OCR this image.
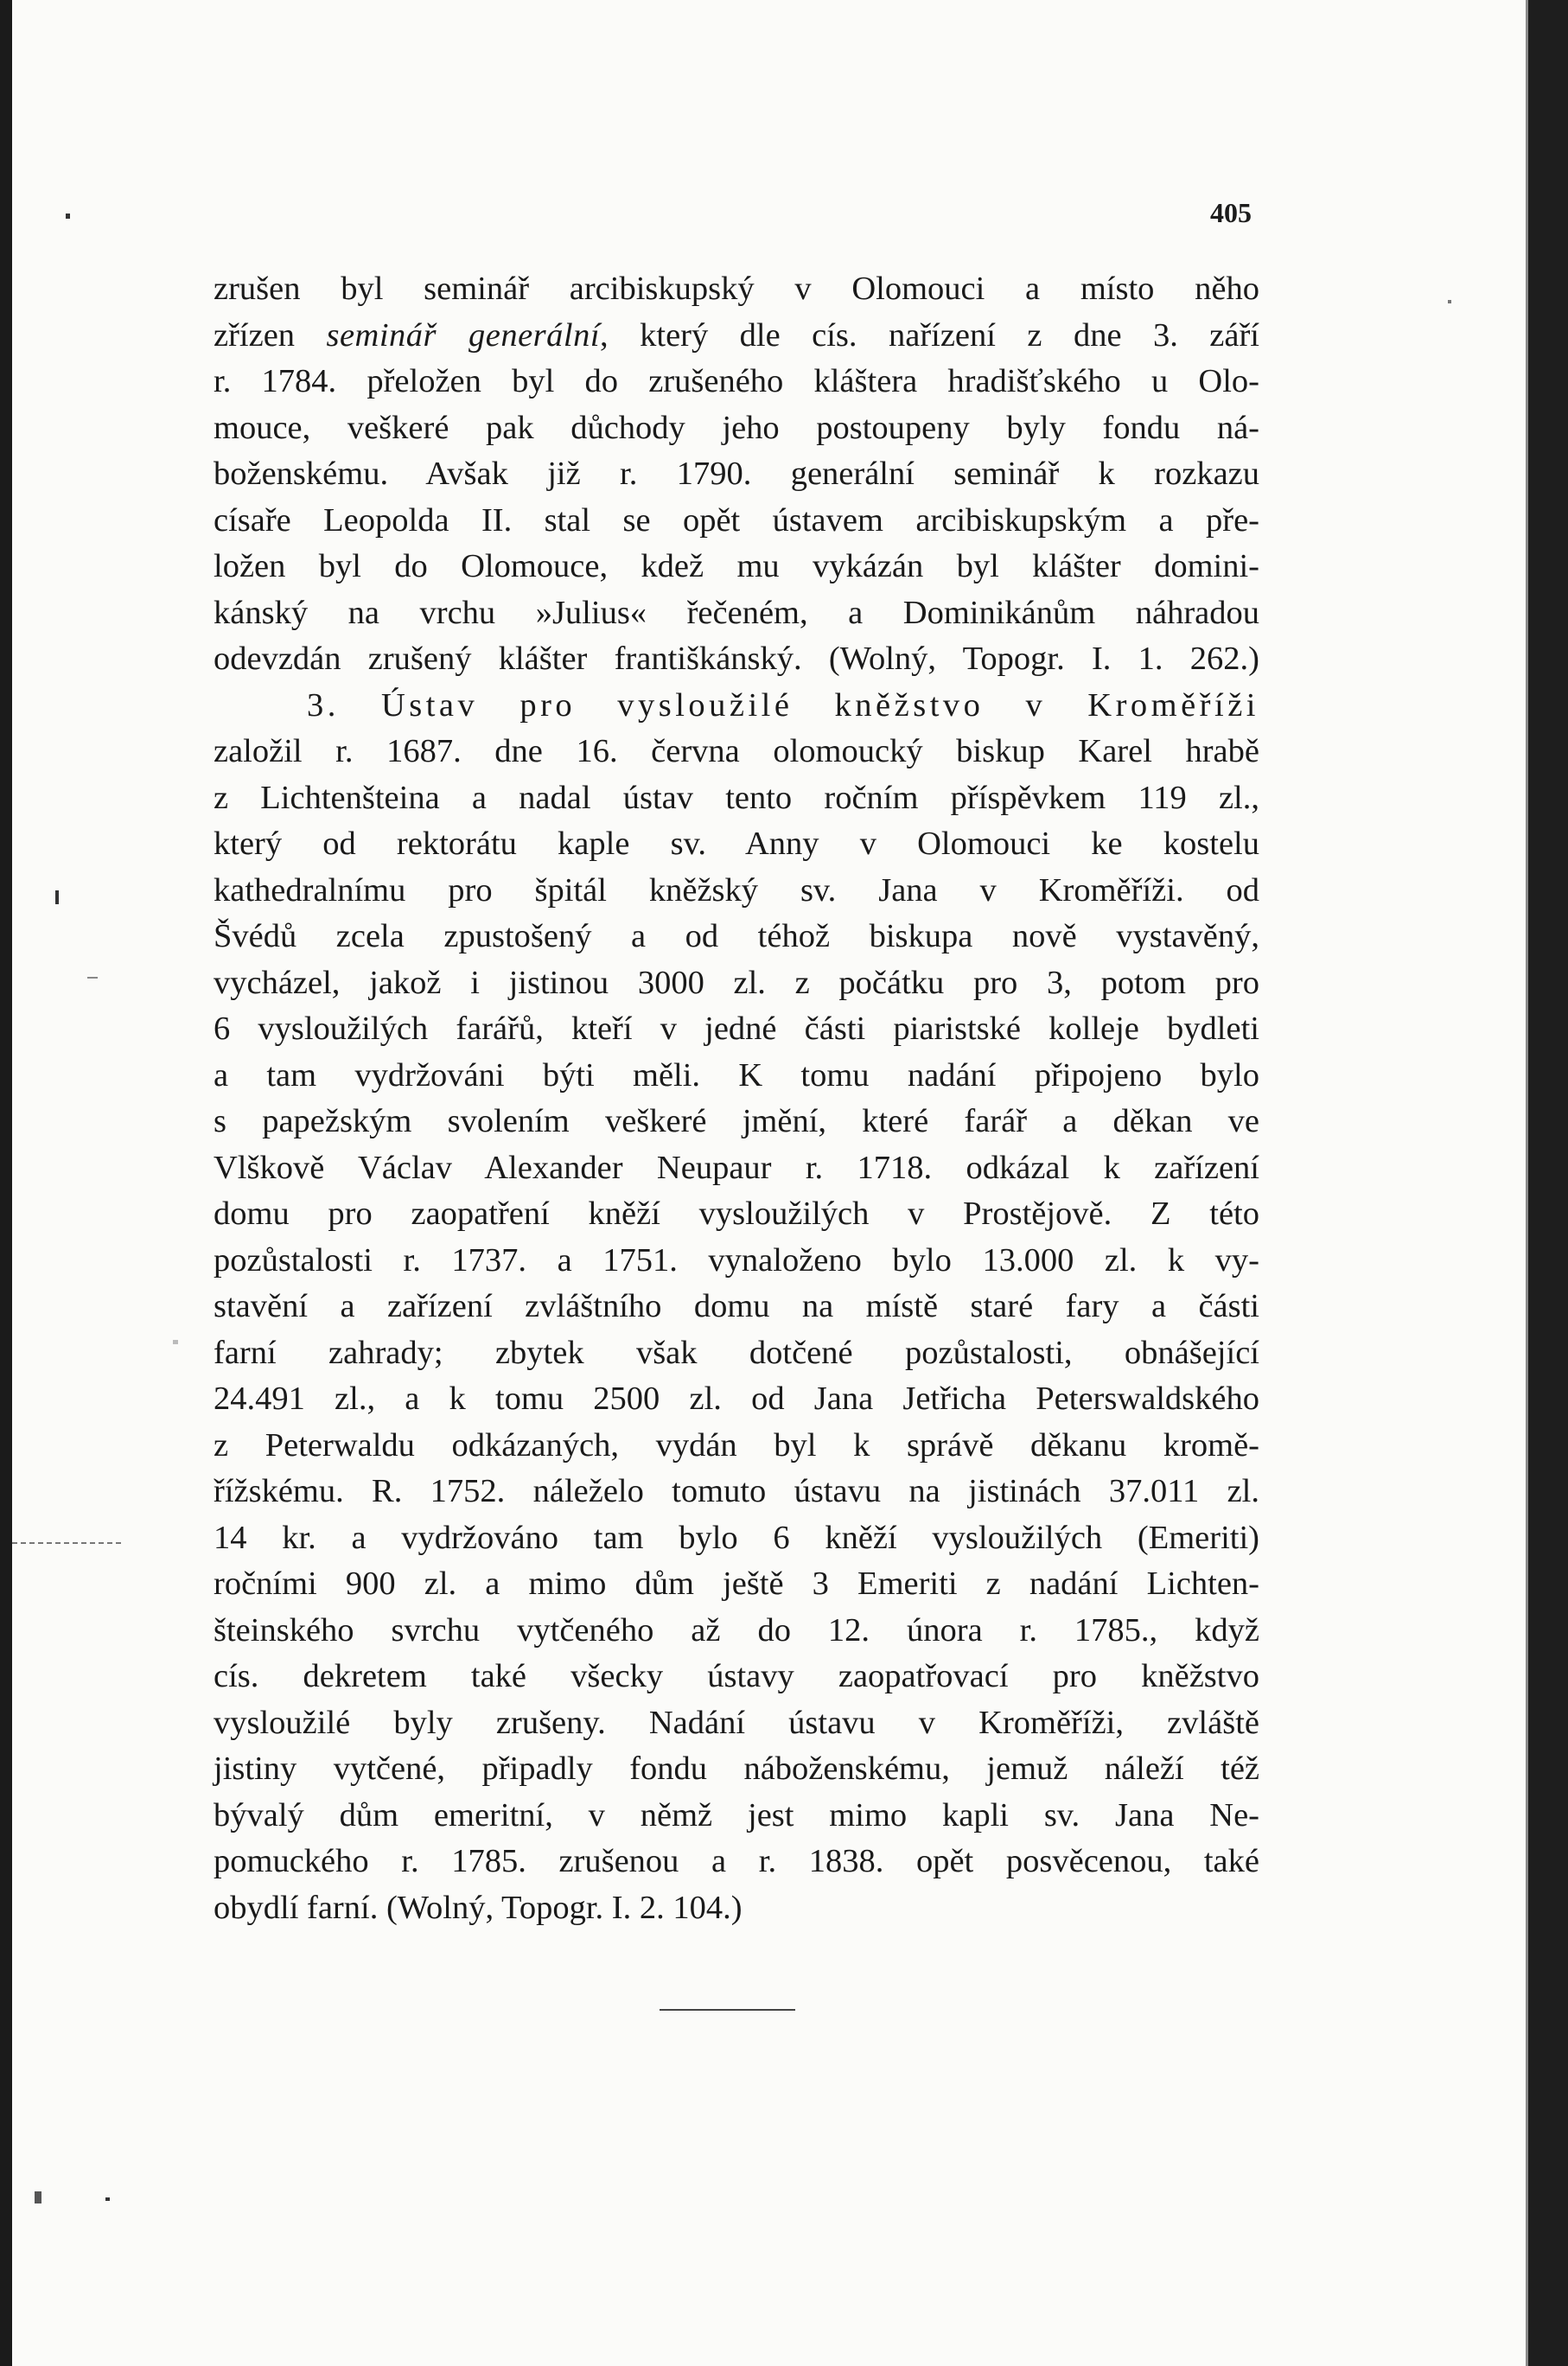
405
zrušen byl seminář arcibiskupský v Olomouci a místo něho
zřízen seminář generální, který dle cís. nařízení z dne 3. září
r. 1784. přeložen byl do zrušeného kláštera hradišťského u Olo-
mouce, veškeré pak důchody jeho postoupeny byly fondu ná-
boženskému. Avšak již r. 1790. generální seminář k rozkazu
císaře Leopolda II. stal se opět ústavem arcibiskupským a pře-
ložen byl do Olomouce, kdež mu vykázán byl klášter domini-
kánský na vrchu »Julius« řečeném, a Dominikánům náhradou
odevzdán zrušený klášter františkánský. (Wolný, Topogr. I. 1. 262.)
3. Ústav pro vysloužilé kněžstvo v Kroměříži
založil r. 1687. dne 16. června olomoucký biskup Karel hrabě
z Lichtenšteina a nadal ústav tento ročním příspěvkem 119 zl.,
který od rektorátu kaple sv. Anny v Olomouci ke kostelu
kathedralnímu pro špitál kněžský sv. Jana v Kroměříži. od
Švédů zcela zpustošený a od téhož biskupa nově vystavěný,
vycházel, jakož i jistinou 3000 zl. z počátku pro 3, potom pro
6 vysloužilých farářů, kteří v jedné části piaristské kolleje bydleti
a tam vydržováni býti měli. K tomu nadání připojeno bylo
s papežským svolením veškeré jmění, které farář a děkan ve
Vlškově Václav Alexander Neupaur r. 1718. odkázal k zařízení
domu pro zaopatření kněží vysloužilých v Prostějově. Z této
pozůstalosti r. 1737. a 1751. vynaloženo bylo 13.000 zl. k vy-
stavění a zařízení zvláštního domu na místě staré fary a části
farní zahrady; zbytek však dotčené pozůstalosti, obnášející
24.491 zl., a k tomu 2500 zl. od Jana Jetřicha Peterswaldského
z Peterwaldu odkázaných, vydán byl k správě děkanu kromě-
řížskému. R. 1752. náleželo tomuto ústavu na jistinách 37.011 zl.
14 kr. a vydržováno tam bylo 6 kněží vysloužilých (Emeriti)
ročními 900 zl. a mimo dům ještě 3 Emeriti z nadání Lichten-
šteinského svrchu vytčeného až do 12. února r. 1785., když
cís. dekretem také všecky ústavy zaopatřovací pro kněžstvo
vysloužilé byly zrušeny. Nadání ústavu v Kroměříži, zvláště
jistiny vytčené, připadly fondu náboženskému, jemuž náleží též
bývalý dům emeritní, v němž jest mimo kapli sv. Jana Ne-
pomuckého r. 1785. zrušenou a r. 1838. opět posvěcenou, také
obydlí farní. (Wolný, Topogr. I. 2. 104.)
